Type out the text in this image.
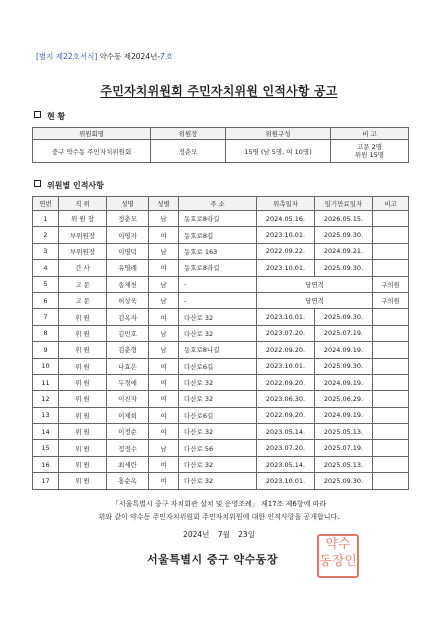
[별지 제22호서식] 약수동 제2024년-7호
주민자치위원회 주민자치위원 인적사항 공고
현 황
위원회명	위원장	위원구성	비 고
중구 약수동 주민자치위원회	정춘모	15명 (남 5명, 여 10명)	고문 2명
위원 15명
위원별 인적사항
연번	직 위	성명	성별	주 소	위촉일자	임기만료일자	비고
1	위 원 장	정춘모	남	동호로8라길	2024.05.16.	2026.05.15.	
2	부위원장	이영자	여	동호로8길	2023.10.01.	2025.09.30.	
3	부위원장	이명덕	남	동호로 163	2022.09.22.	2024.09.21.	
4	간 사	유영례	여	동호로8라길	2023.10.01.	2025.09.30.	
5	고 문	송제천	남	-	당연직		구의원
6	고 문	허상욱	남	-	당연직		구의원
7	위 원	김옥자	여	다산로 32	2023.10.01.	2025.09.30.	
8	위 원	김민호	남	다산로 32	2023.07.20.	2025.07.19.	
9	위 원	김춘형	남	동호로8나길	2022.09.20.	2024.09.19.	
10	위 원	나효은	여	다산로6길	2023.10.01.	2025.09.30.	
11	위 원	두경애	여	다산로 32	2022.09.20.	2024.09.19.	
12	위 원	이진자	여	다산로 32	2023.06.30.	2025.06.29.	
13	위 원	이제희	여	다산로6길	2022.09.20.	2024.09.19.	
14	위 원	이정순	여	다산로 32	2023.05.14.	2025.05.13.	
15	위 원	정정수	남	다산로 56	2023.07.20.	2025.07.19.	
16	위 원	최세란	여	다산로 32	2023.05.14.	2025.05.13.	
17	위 원	홍순옥	여	다산로 32	2023.10.01.	2025.09.30.	
「서울특별시 중구 자치회관 설치 및 운영조례」 제17조 제6항에 따라
위와 같이 약수동 주민자치위원회 주민자치위원에 대한 인적사항을 공개합니다.
2024년 7월 23일
서울특별시 중구 약수동장
약수
동장인
